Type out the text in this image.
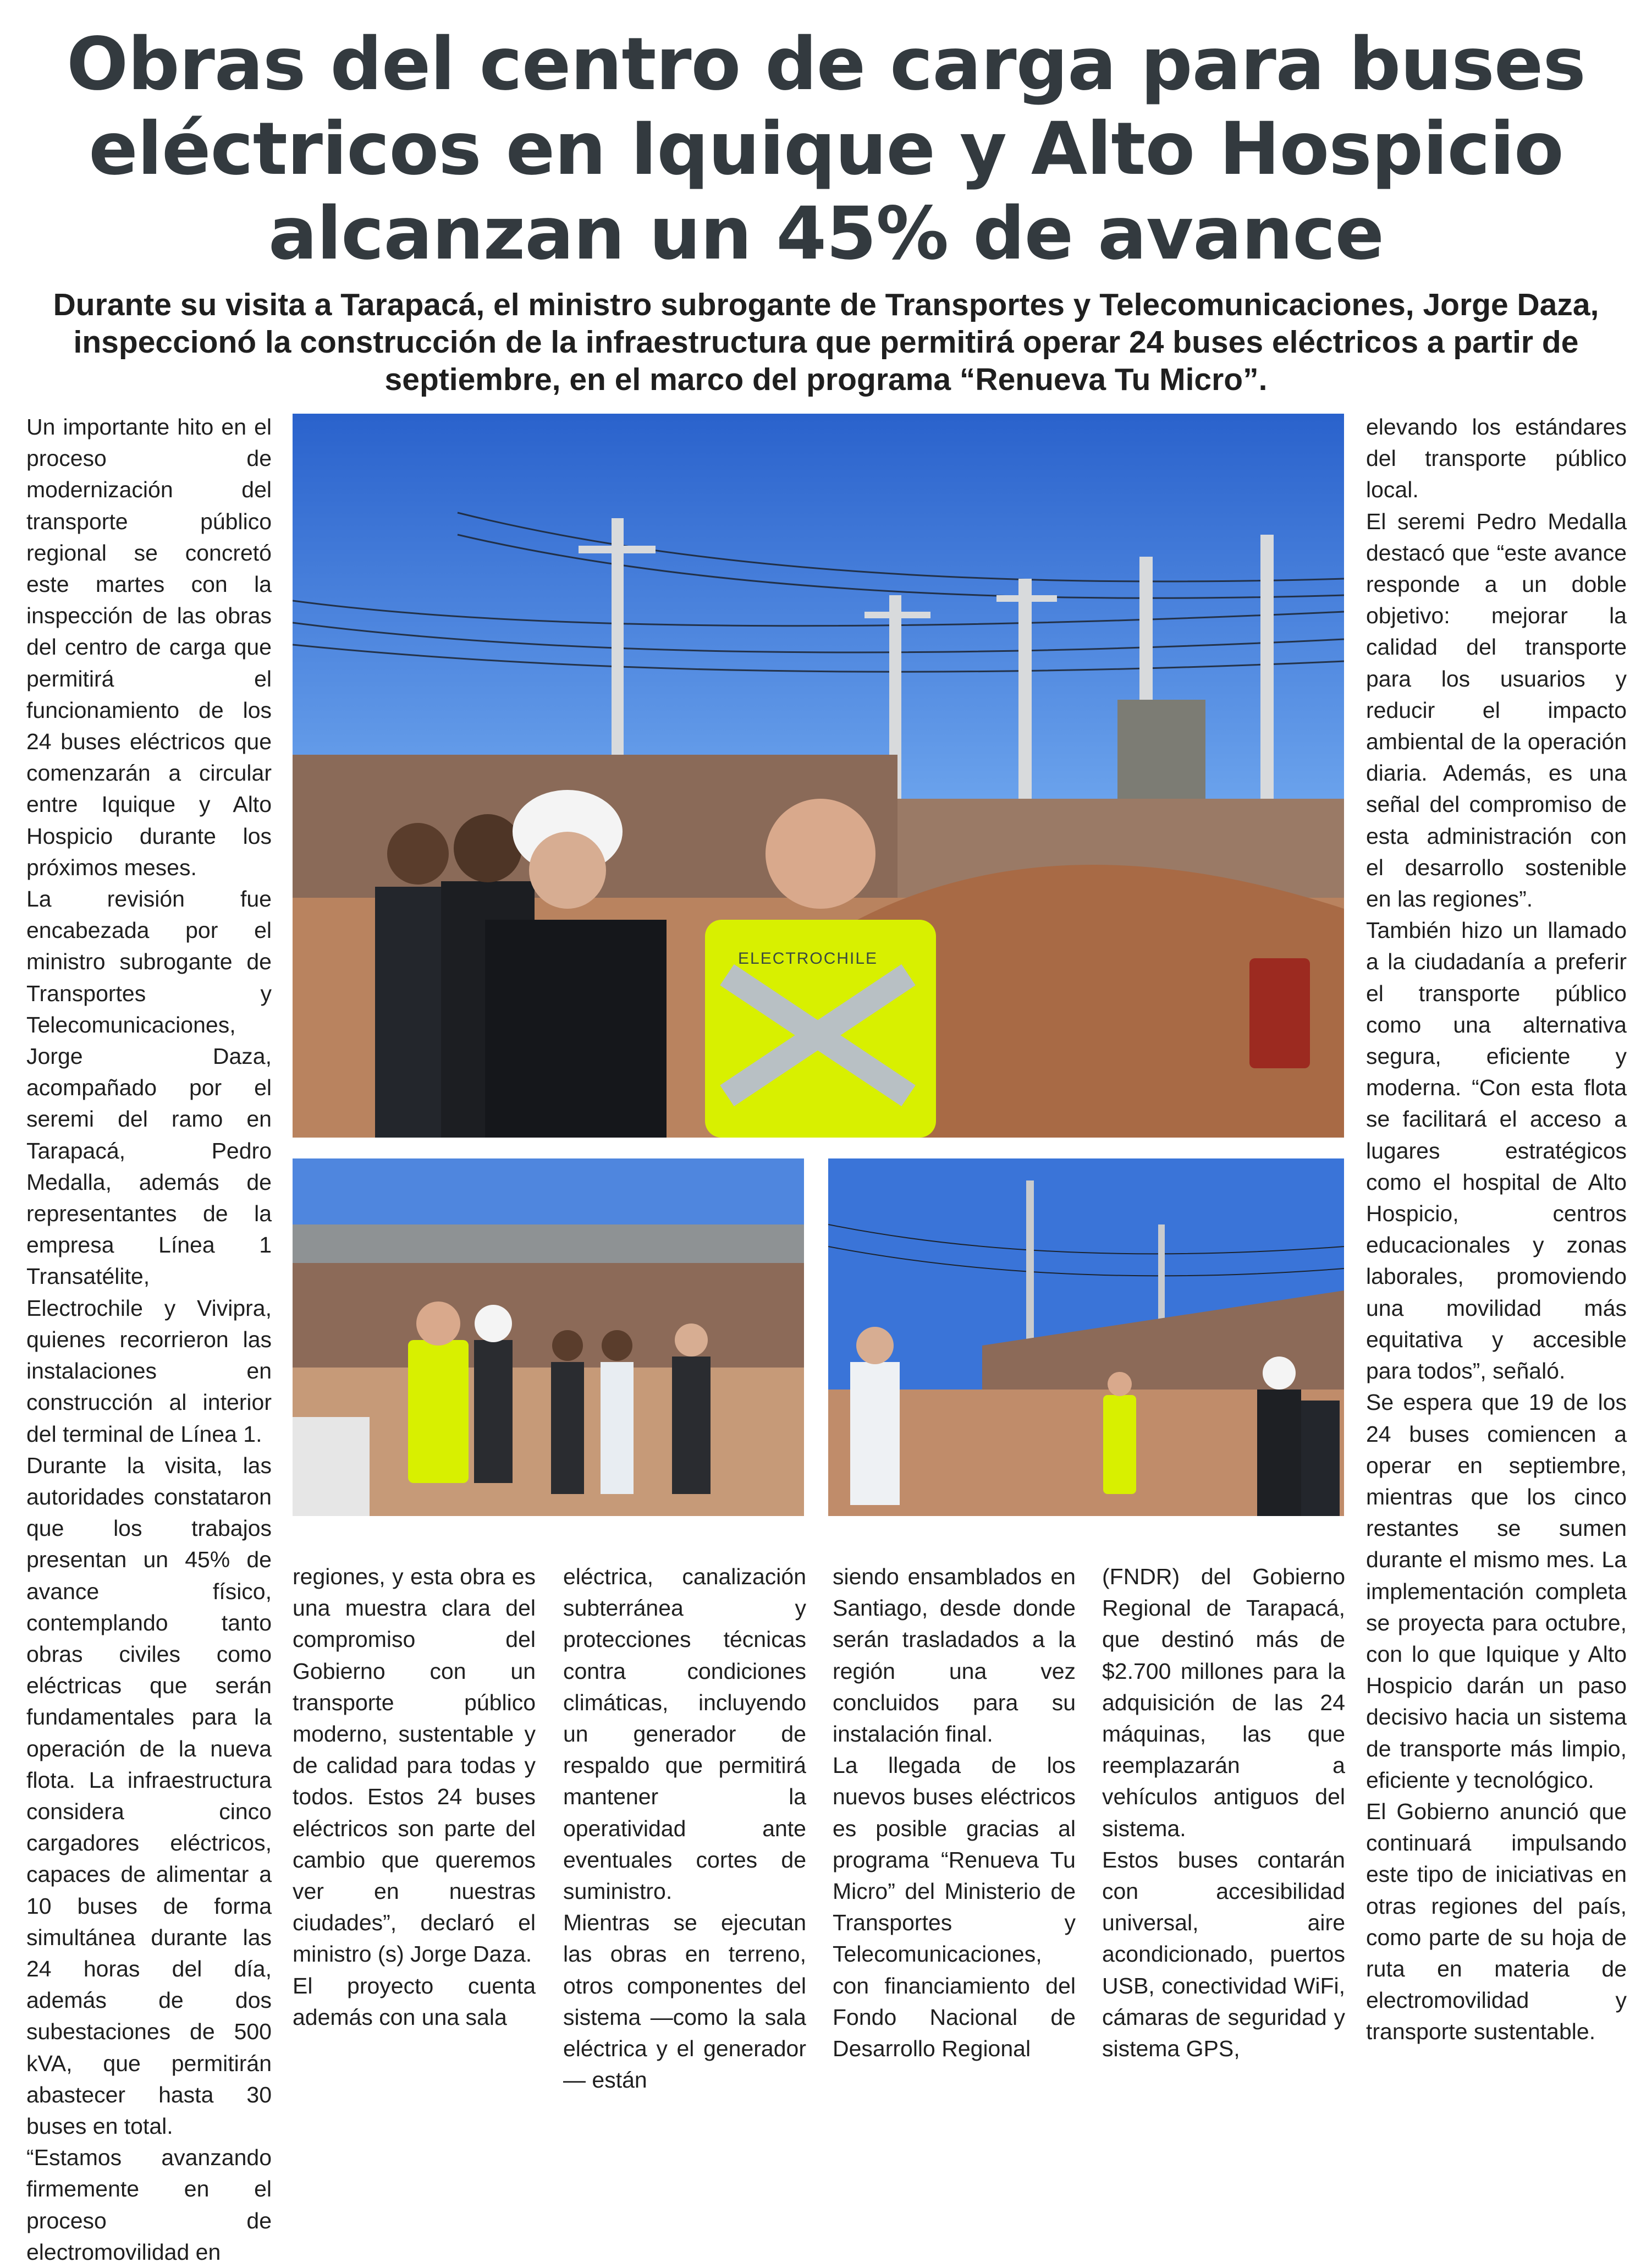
Obras del centro de carga para buses eléctricos en Iquique y Alto Hospicio alcanzan un 45% de avance
Durante su visita a Tarapacá, el ministro subrogante de Transportes y Telecomunicaciones, Jorge Daza, inspeccionó la construcción de la infraestructura que permitirá operar 24 buses eléctricos a partir de septiembre, en el marco del programa “Renueva Tu Micro”.

Un importante hito en el proceso de modernización del transporte público regional se concretó este martes con la inspección de las obras del centro de carga que permitirá el funcionamiento de los 24 buses eléctricos que comenzarán a circular entre Iquique y Alto Hospicio durante los próximos meses.

La revisión fue encabezada por el ministro subrogante de Transportes y Telecomunicaciones, Jorge Daza, acompañado por el seremi del ramo en Tarapacá, Pedro Medalla, además de representantes de la empresa Línea 1 Transatélite, Electrochile y Vivipra, quienes recorrieron las instalaciones en construcción al interior del terminal de Línea 1.

Durante la visita, las autoridades constataron que los trabajos presentan un 45% de avance físico, contemplando tanto obras civiles como eléctricas que serán fundamentales para la operación de la nueva flota. La infraestructura considera cinco cargadores eléctricos, capaces de alimentar a 10 buses de forma simultánea durante las 24 horas del día, además de dos subestaciones de 500 kVA, que permitirán abastecer hasta 30 buses en total.

“Estamos avanzando firmemente en el proceso de electromovilidad en

ELECTROCHILE

regiones, y esta obra es una muestra clara del compromiso del Gobierno con un transporte público moderno, sustentable y de calidad para todas y todos. Estos 24 buses eléctricos son parte del cambio que queremos ver en nuestras ciudades”, declaró el ministro (s) Jorge Daza.

El proyecto cuenta además con una sala

eléctrica, canalización subterránea y protecciones técnicas contra condiciones climáticas, incluyendo un generador de respaldo que permitirá mantener la operatividad ante eventuales cortes de suministro.

Mientras se ejecutan las obras en terreno, otros componentes del sistema —como la sala eléctrica y el generador— están

siendo ensamblados en Santiago, desde donde serán trasladados a la región una vez concluidos para su instalación final.

La llegada de los nuevos buses eléctricos es posible gracias al programa “Renueva Tu Micro” del Ministerio de Transportes y Telecomunicaciones, con financiamiento del Fondo Nacional de Desarrollo Regional

(FNDR) del Gobierno Regional de Tarapacá, que destinó más de $2.700 millones para la adquisición de las 24 máquinas, las que reemplazarán a vehículos antiguos del sistema.

Estos buses contarán con accesibilidad universal, aire acondicionado, puertos USB, conectividad WiFi, cámaras de seguridad y sistema GPS,

elevando los estándares del transporte público local.

El seremi Pedro Medalla destacó que “este avance responde a un doble objetivo: mejorar la calidad del transporte para los usuarios y reducir el impacto ambiental de la operación diaria. Además, es una señal del compromiso de esta administración con el desarrollo sostenible en las regiones”.

También hizo un llamado a la ciudadanía a preferir el transporte público como una alternativa segura, eficiente y moderna. “Con esta flota se facilitará el acceso a lugares estratégicos como el hospital de Alto Hospicio, centros educacionales y zonas laborales, promoviendo una movilidad más equitativa y accesible para todos”, señaló.

Se espera que 19 de los 24 buses comiencen a operar en septiembre, mientras que los cinco restantes se sumen durante el mismo mes. La implementación completa se proyecta para octubre, con lo que Iquique y Alto Hospicio darán un paso decisivo hacia un sistema de transporte más limpio, eficiente y tecnológico.

El Gobierno anunció que continuará impulsando este tipo de iniciativas en otras regiones del país, como parte de su hoja de ruta en materia de electromovilidad y transporte sustentable.
